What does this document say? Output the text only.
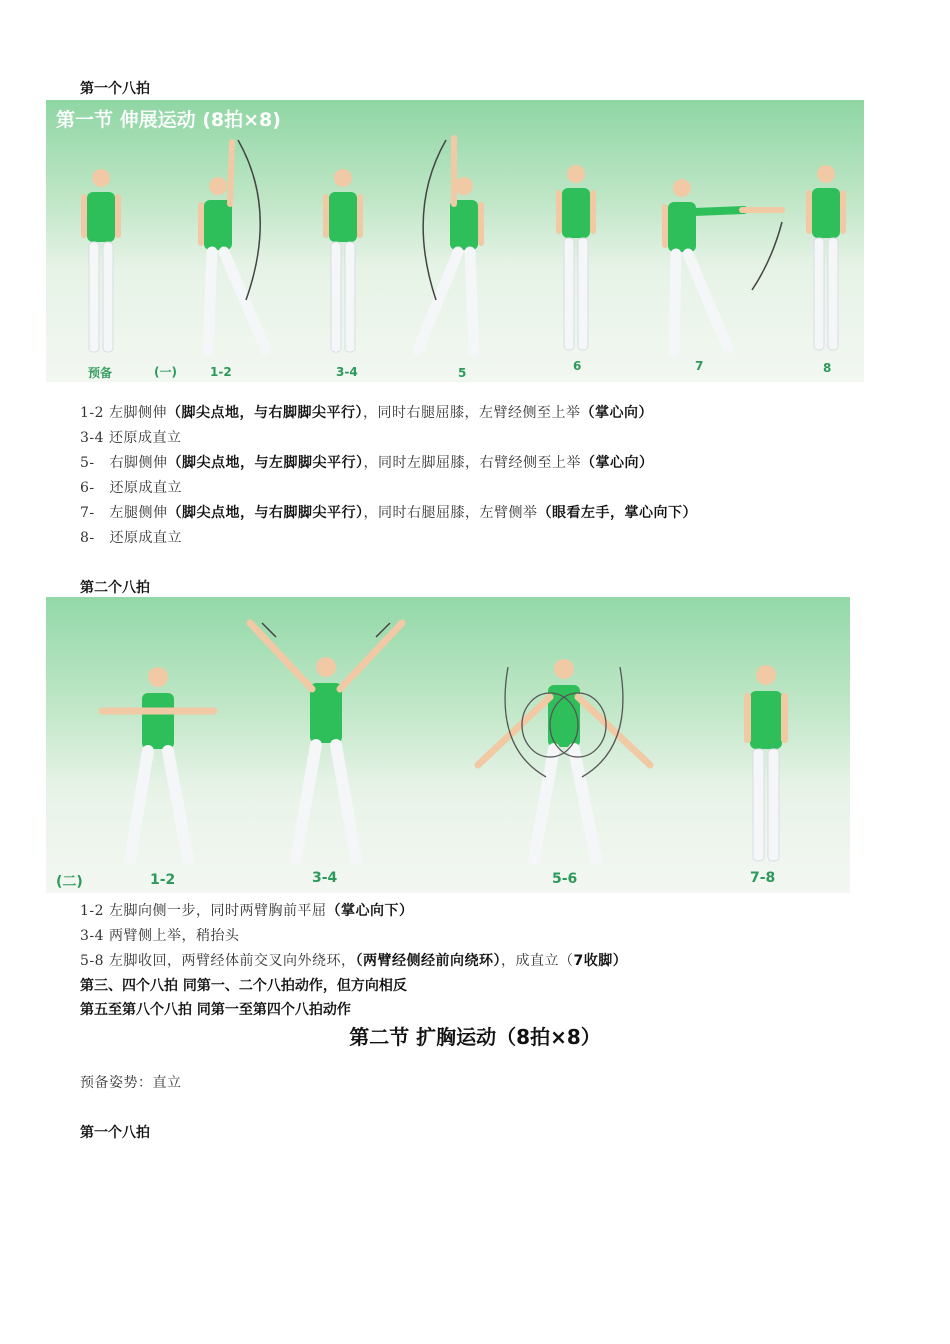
第一个八拍
第一节 伸展运动 (8拍×8)
预备	(一)	1-2	3-4	5	6	7	8
1-2 左脚侧伸（脚尖点地，与右脚脚尖平行），同时右腿屈膝，左臂经侧至上举（掌心向）
3-4 还原成直立
5- 右脚侧伸（脚尖点地，与左脚脚尖平行），同时左脚屈膝，右臂经侧至上举（掌心向）
6- 还原成直立
7- 左腿侧伸（脚尖点地，与右脚脚尖平行），同时右腿屈膝，左臂侧举（眼看左手，掌心向下）
8- 还原成直立
第二个八拍
(二)	1-2	3-4	5-6	7-8
1-2 左脚向侧一步，同时两臂胸前平屈（掌心向下）
3-4 两臂侧上举，稍抬头
5-8 左脚收回，两臂经体前交叉向外绕环，（两臂经侧经前向绕环），成直立（7收脚）
第三、四个八拍 同第一、二个八拍动作，但方向相反
第五至第八个八拍 同第一至第四个八拍动作
第二节 扩胸运动（8拍×8）
预备姿势：直立
第一个八拍
